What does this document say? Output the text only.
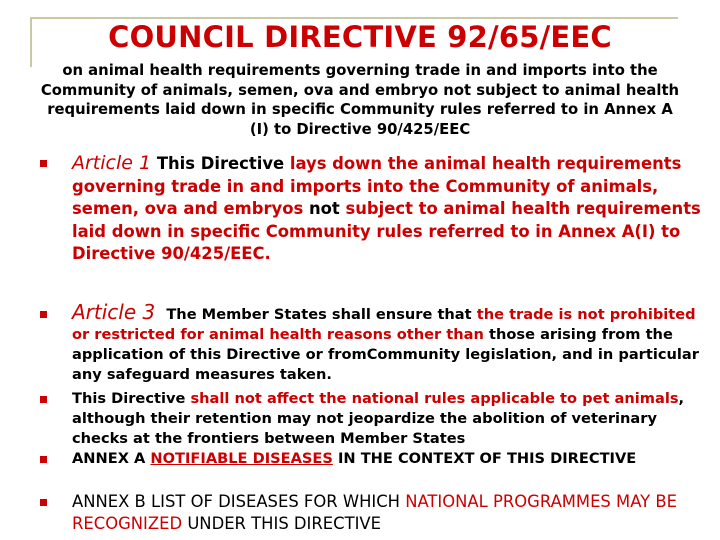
COUNCIL DIRECTIVE 92/65/EEC
on animal health requirements governing trade in and imports into the Community of animals, semen, ova and embryo not subject to animal health requirements laid down in specific Community rules referred to in Annex A (I) to Directive 90/425/EEC
Article 1 This Directive lays down the animal health requirements governing trade in and imports into the Community of animals, semen, ova and embryos not subject to animal health requirements laid down in specific Community rules referred to in Annex A(I) to Directive 90/425/EEC.
Article 3 The Member States shall ensure that the trade is not prohibited or restricted for animal health reasons other than those arising from the application of this Directive or fromCommunity legislation, and in particular any safeguard measures taken.
This Directive shall not affect the national rules applicable to pet animals, although their retention may not jeopardize the abolition of veterinary checks at the frontiers between Member States
ANNEX A NOTIFIABLE DISEASES IN THE CONTEXT OF THIS DIRECTIVE
ANNEX B LIST OF DISEASES FOR WHICH NATIONAL PROGRAMMES MAY BE RECOGNIZED UNDER THIS DIRECTIVE
